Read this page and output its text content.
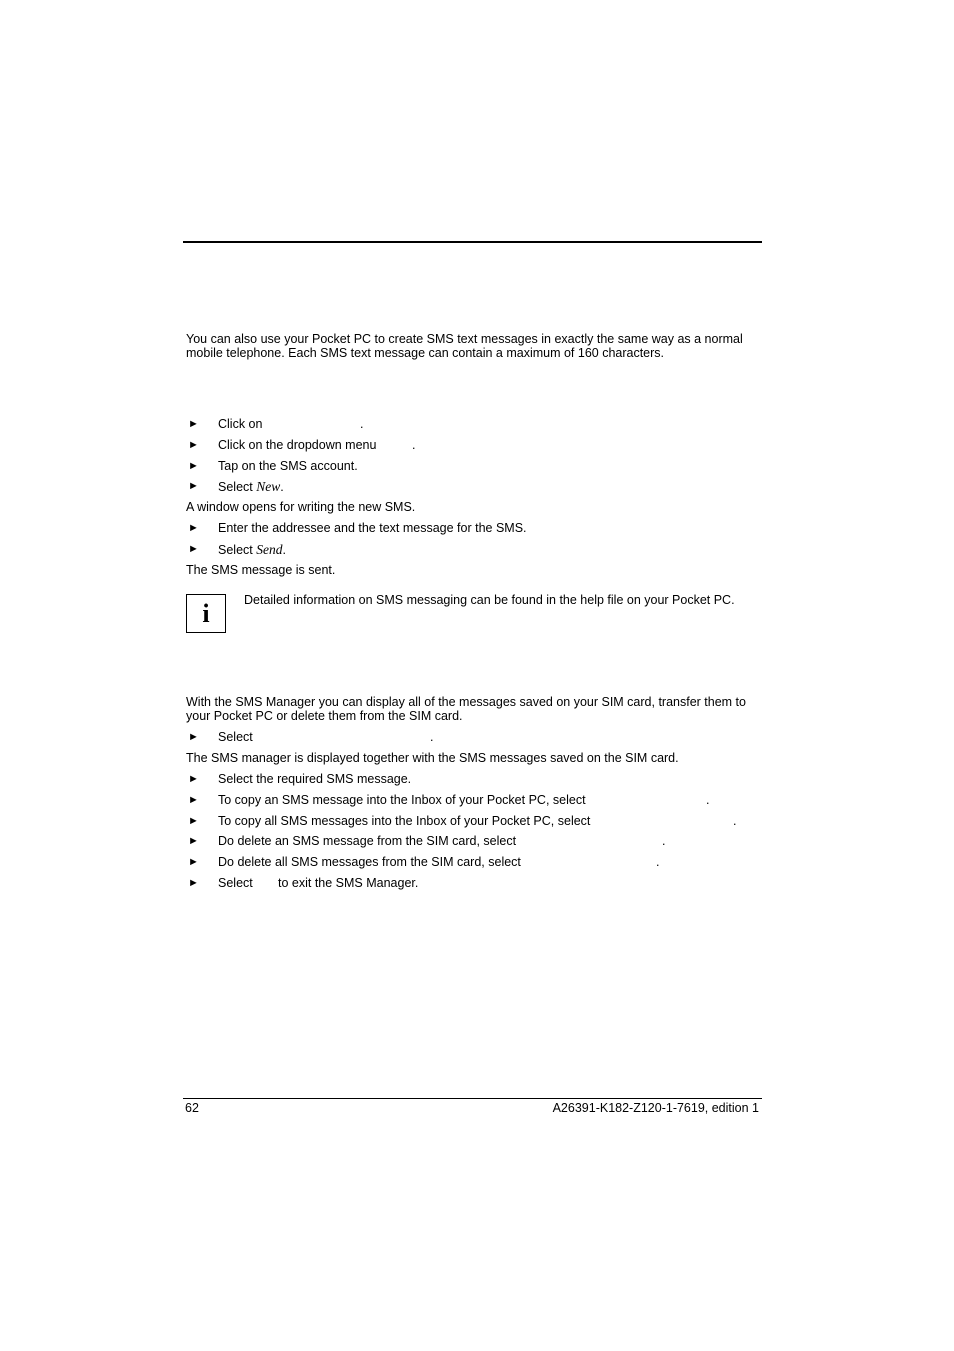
You can also use your Pocket PC to create SMS text messages in exactly the same way as a normal mobile telephone. Each SMS text message can contain a maximum of 160 characters.
► Click on	.
► Click on the dropdown menu	.
► Tap on the SMS account.
► Select New.
A window opens for writing the new SMS.
► Enter the addressee and the text message for the SMS.
► Select Send.
The SMS message is sent.
i	Detailed information on SMS messaging can be found in the help file on your Pocket PC.
With the SMS Manager you can display all of the messages saved on your SIM card, transfer them to your Pocket PC or delete them from the SIM card.
► Select	.
The SMS manager is displayed together with the SMS messages saved on the SIM card.
► Select the required SMS message.
► To copy an SMS message into the Inbox of your Pocket PC, select	.
► To copy all SMS messages into the Inbox of your Pocket PC, select	.
► Do delete an SMS message from the SIM card, select	.
► Do delete all SMS messages from the SIM card, select	.
► Select to exit the SMS Manager.
62	A26391-K182-Z120-1-7619, edition 1
